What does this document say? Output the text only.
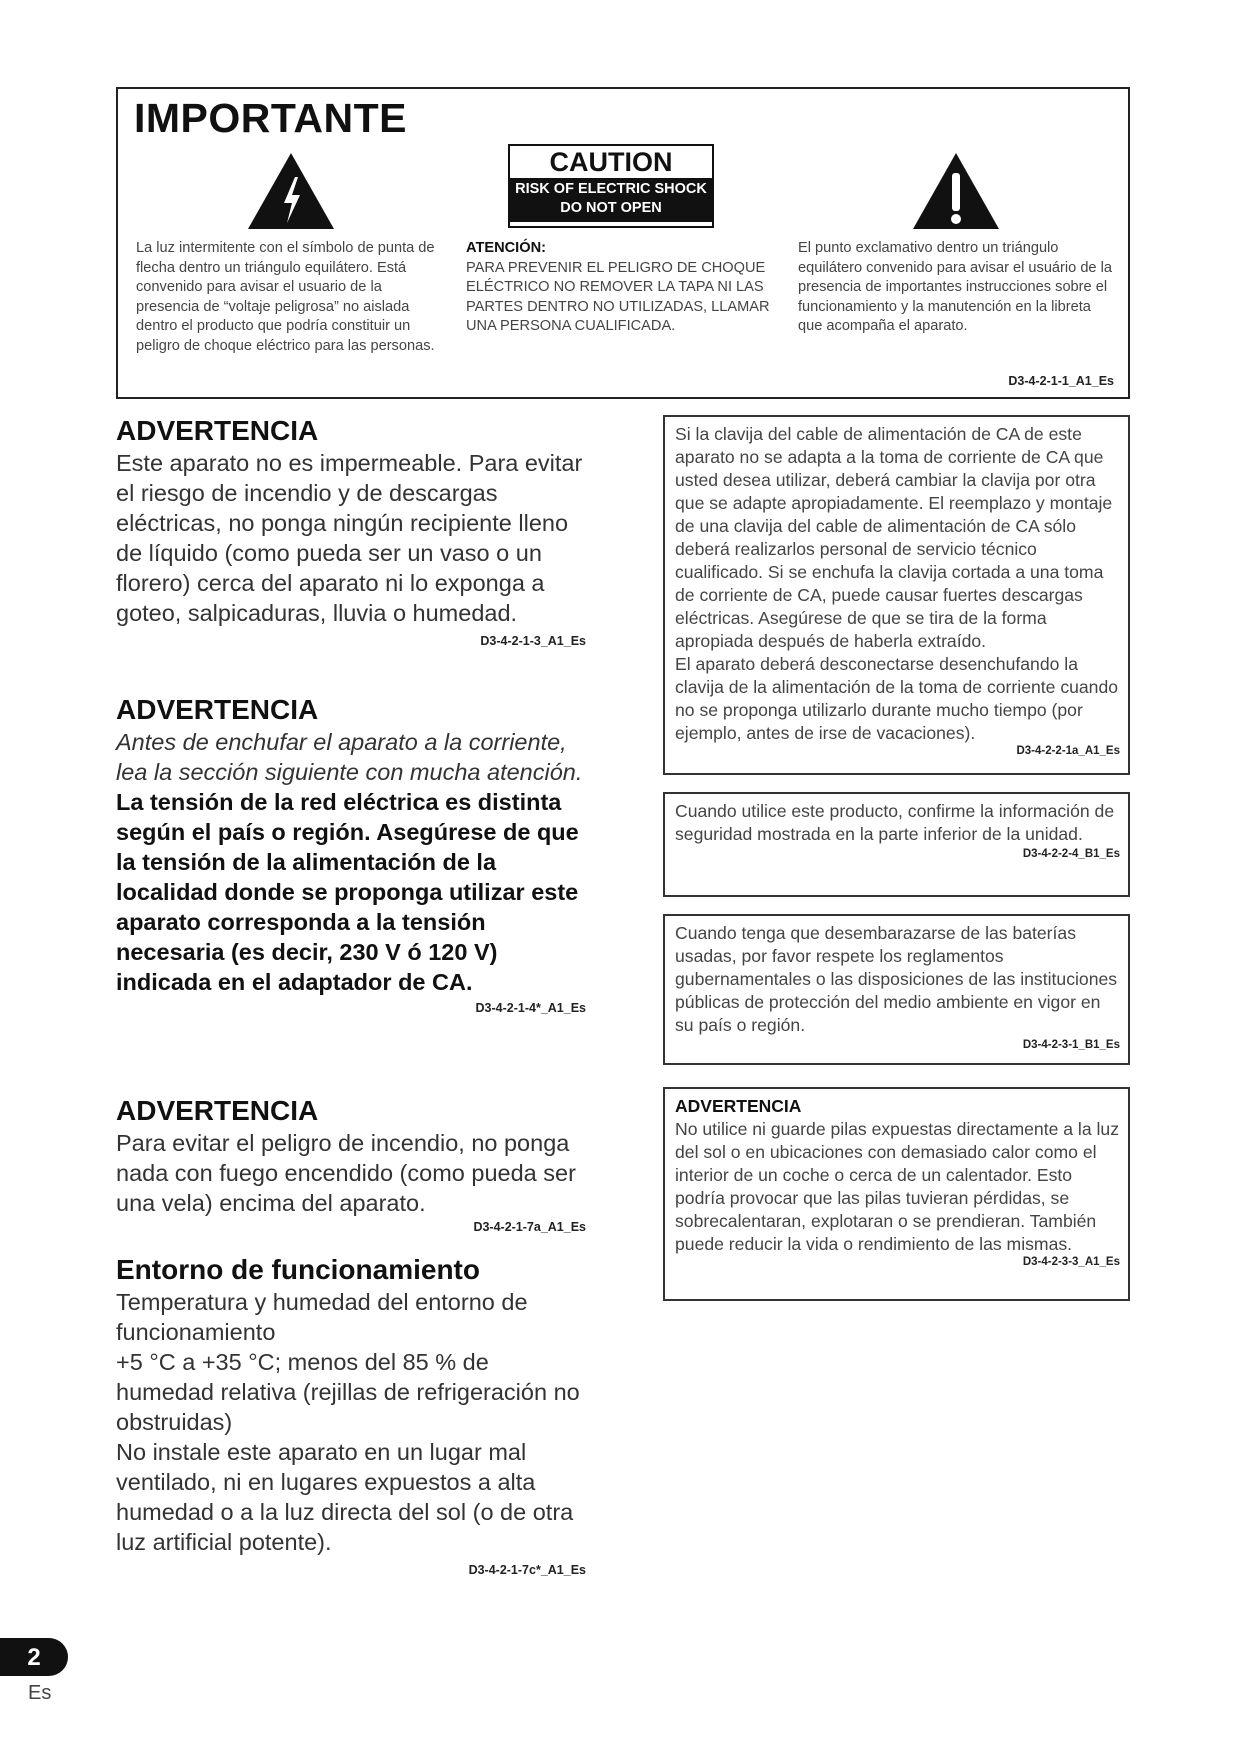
IMPORTANTE
CAUTION
RISK OF ELECTRIC SHOCK
DO NOT OPEN
La luz intermitente con el símbolo de punta de flecha dentro un triángulo equilátero. Está convenido para avisar el usuario de la presencia de “voltaje peligrosa” no aislada dentro el producto que podría constituir un peligro de choque eléctrico para las personas.
ATENCIÓN:
PARA PREVENIR EL PELIGRO DE CHOQUE ELÉCTRICO NO REMOVER LA TAPA NI LAS PARTES DENTRO NO UTILIZADAS, LLAMAR UNA PERSONA CUALIFICADA.
El punto exclamativo dentro un triángulo equilátero convenido para avisar el usuário de la presencia de importantes instrucciones sobre el funcionamiento y la manutención en la libreta que acompaña el aparato.
D3-4-2-1-1_A1_Es
ADVERTENCIA

Este aparato no es impermeable. Para evitar el riesgo de incendio y de descargas eléctricas, no ponga ningún recipiente lleno de líquido (como pueda ser un vaso o un florero) cerca del aparato ni lo exponga a goteo, salpicaduras, lluvia o humedad.

D3-4-2-1-3_A1_Es
ADVERTENCIA

Antes de enchufar el aparato a la corriente, lea la sección siguiente con mucha atención.

La tensión de la red eléctrica es distinta según el país o región. Asegúrese de que la tensión de la alimentación de la localidad donde se proponga utilizar este aparato corresponda a la tensión necesaria (es decir, 230 V ó 120 V) indicada en el adaptador de CA.

D3-4-2-1-4*_A1_Es
ADVERTENCIA

Para evitar el peligro de incendio, no ponga nada con fuego encendido (como pueda ser una vela) encima del aparato.

D3-4-2-1-7a_A1_Es
Entorno de funcionamiento

Temperatura y humedad del entorno de funcionamiento

+5 °C a +35 °C; menos del 85 % de humedad relativa (rejillas de refrigeración no obstruidas)

No instale este aparato en un lugar mal ventilado, ni en lugares expuestos a alta humedad o a la luz directa del sol (o de otra luz artificial potente).

D3-4-2-1-7c*_A1_Es

Si la clavija del cable de alimentación de CA de este aparato no se adapta a la toma de corriente de CA que usted desea utilizar, deberá cambiar la clavija por otra que se adapte apropiadamente. El reemplazo y montaje de una clavija del cable de alimentación de CA sólo deberá realizarlos personal de servicio técnico cualificado. Si se enchufa la clavija cortada a una toma de corriente de CA, puede causar fuertes descargas eléctricas. Asegúrese de que se tira de la forma apropiada después de haberla extraído.

El aparato deberá desconectarse desenchufando la clavija de la alimentación de la toma de corriente cuando no se proponga utilizarlo durante mucho tiempo (por ejemplo, antes de irse de vacaciones).

D3-4-2-2-1a_A1_Es

Cuando utilice este producto, confirme la información de seguridad mostrada en la parte inferior de la unidad.

D3-4-2-2-4_B1_Es

Cuando tenga que desembarazarse de las baterías usadas, por favor respete los reglamentos gubernamentales o las disposiciones de las instituciones públicas de protección del medio ambiente en vigor en su país o región.

D3-4-2-3-1_B1_Es

ADVERTENCIA

No utilice ni guarde pilas expuestas directamente a la luz del sol o en ubicaciones con demasiado calor como el interior de un coche o cerca de un calentador. Esto podría provocar que las pilas tuvieran pérdidas, se sobrecalentaran, explotaran o se prendieran. También puede reducir la vida o rendimiento de las mismas.

D3-4-2-3-3_A1_Es
2
Es
